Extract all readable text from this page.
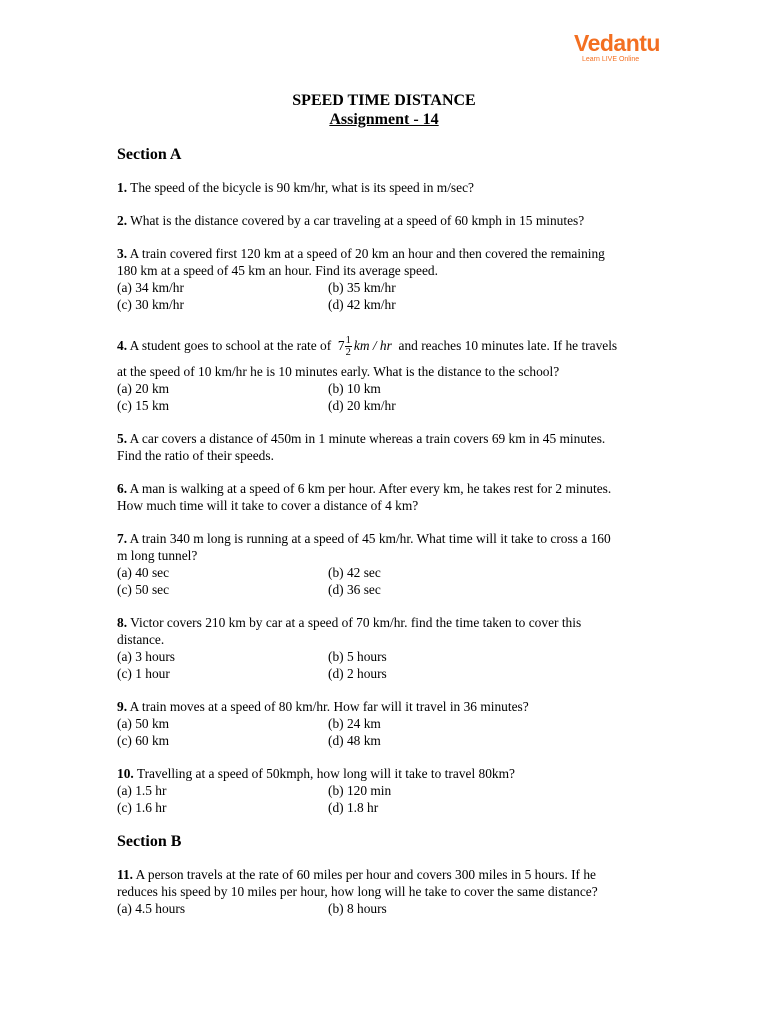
Vedantu
Learn LIVE Online
SPEED TIME DISTANCE
Assignment - 14
Section A
1. The speed of the bicycle is 90 km/hr, what is its speed in m/sec?
2. What is the distance covered by a car traveling at a speed of 60 kmph in 15 minutes?
3. A train covered first 120 km at a speed of 20 km an hour and then covered the remaining
180 km at a speed of 45 km an hour. Find its average speed.
(a) 34 km/hr	(b) 35 km/hr
(c) 30 km/hr	(d) 42 km/hr
4. A student goes to school at the rate of $7 \frac{1}{2}$ km / hr and reaches 10 minutes late. If he travels
at the speed of 10 km/hr he is 10 minutes early. What is the distance to the school?
(a) 20 km	(b) 10 km
(c) 15 km	(d) 20 km/hr
5. A car covers a distance of 450m in 1 minute whereas a train covers 69 km in 45 minutes.
Find the ratio of their speeds.
6. A man is walking at a speed of 6 km per hour. After every km, he takes rest for 2 minutes.
How much time will it take to cover a distance of 4 km?
7. A train 340 m long is running at a speed of 45 km/hr. What time will it take to cross a 160
m long tunnel?
(a) 40 sec	(b) 42 sec
(c) 50 sec	(d) 36 sec
8. Victor covers 210 km by car at a speed of 70 km/hr. find the time taken to cover this
distance.
(a) 3 hours	(b) 5 hours
(c) 1 hour	(d) 2 hours
9. A train moves at a speed of 80 km/hr. How far will it travel in 36 minutes?
(a) 50 km	(b) 24 km
(c) 60 km	(d) 48 km
10. Travelling at a speed of 50kmph, how long will it take to travel 80km?
(a) 1.5 hr	(b) 120 min
(c) 1.6 hr	(d) 1.8 hr
Section B
11. A person travels at the rate of 60 miles per hour and covers 300 miles in 5 hours. If he
reduces his speed by 10 miles per hour, how long will he take to cover the same distance?
(a) 4.5 hours	(b) 8 hours
